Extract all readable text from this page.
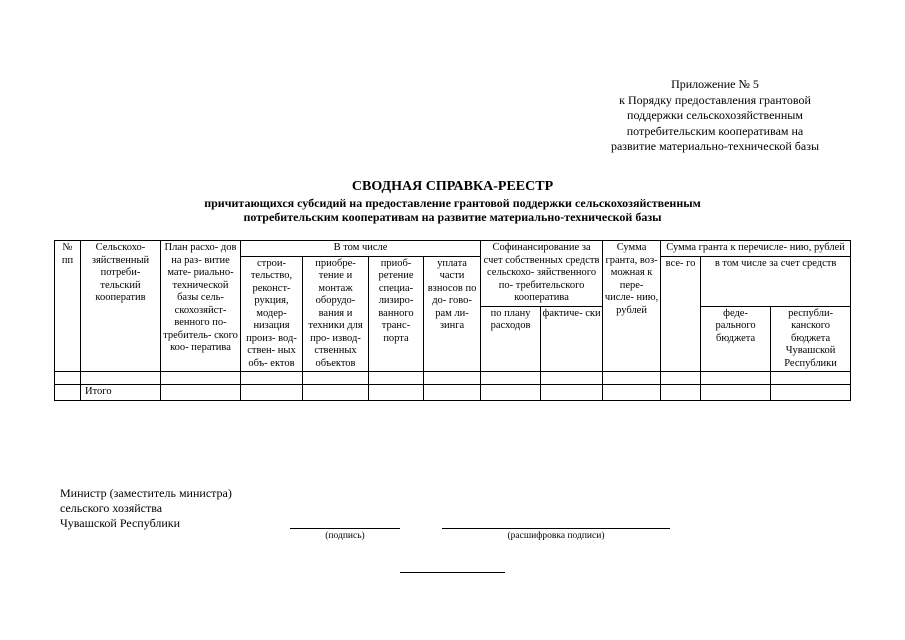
Приложение № 5
к Порядку предоставления грантовой
поддержки сельскохозяйственным
потребительским кооперативам на
развитие материально-технической базы
СВОДНАЯ СПРАВКА-РЕЕСТР
причитающихся субсидий на предоставление грантовой поддержки сельскохозяйственным
потребительским кооперативам на развитие материально-технической базы
№ пп	Сельскохо- зяйственный потреби- тельский кооператив	План расхо- дов на раз- витие мате- риально- технической базы сель- скохозяйст- венного по- требитель- ского коо- ператива	В том числе				Софинансирование за счет собственных средств сельскохо- зяйственного по- требительского кооператива		Сумма гранта, воз- можная к пере- числе- нию, рублей	Сумма гранта к перечисле- нию, рублей		
			строи- тельство, реконст- рукция, модер- низация произ- вод- ствен- ных объ- ектов	приобре- тение и монтаж оборудо- вания и техники для про- извод- ственных объектов	приоб- ретение специа- лизиро- ванного транс- порта	уплата части взносов по до- гово- рам ли- зинга				все- го	в том числе за счет средств	
							по плану расходов	фактиче- ски			феде- рального бюджета	республи- канского бюджета Чувашской Республики

	Итого											
Министр (заместитель министра)
сельского хозяйства
Чувашской Республики
(подпись)	(расшифровка подписи)
